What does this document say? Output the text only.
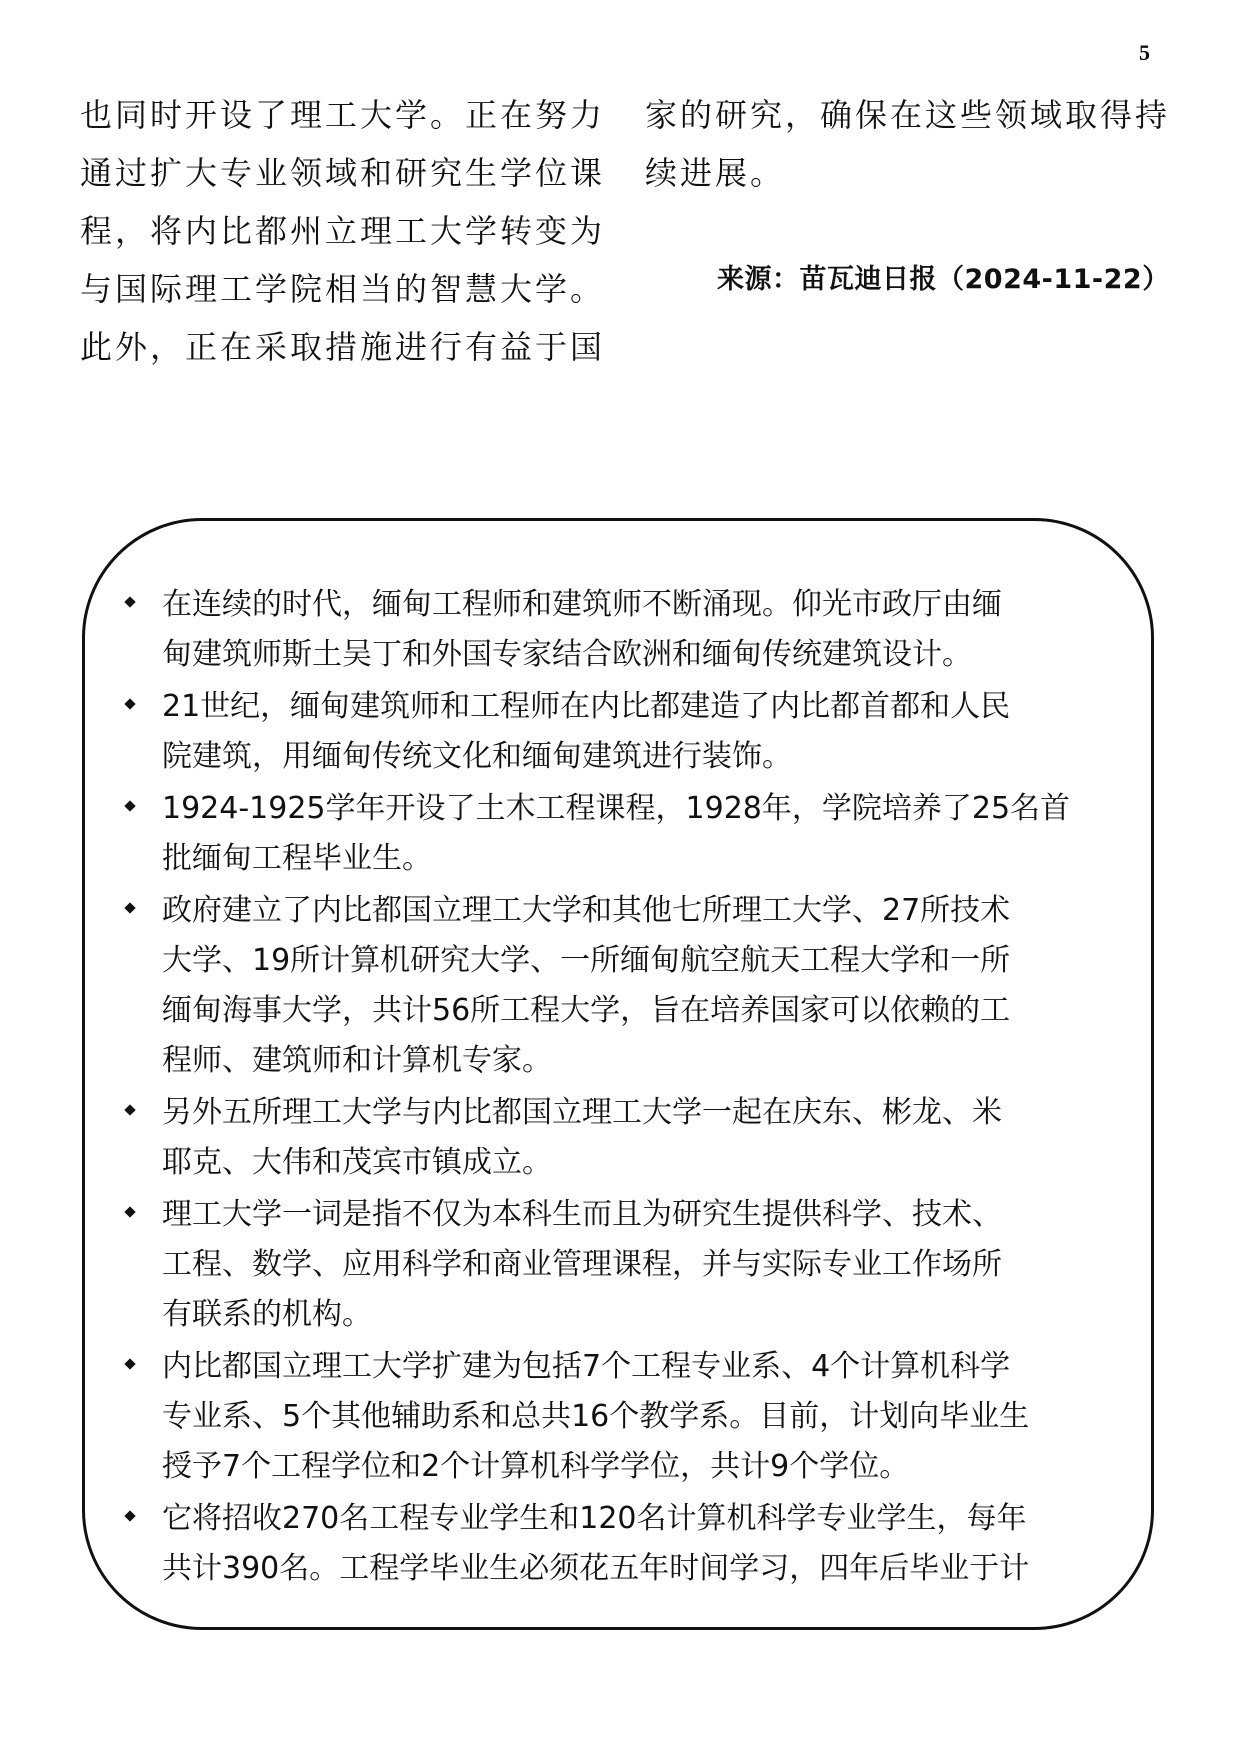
5
也同时开设了理工大学。正在努力
通过扩大专业领域和研究生学位课
程，将内比都州立理工大学转变为
与国际理工学院相当的智慧大学。
此外，正在采取措施进行有益于国
家的研究，确保在这些领域取得持
续进展。
来源：苗瓦迪日报（2024-11-22）
在连续的时代，缅甸工程师和建筑师不断涌现。仰光市政厅由缅
甸建筑师斯土吴丁和外国专家结合欧洲和缅甸传统建筑设计。
21世纪，缅甸建筑师和工程师在内比都建造了内比都首都和人民
院建筑，用缅甸传统文化和缅甸建筑进行装饰。
1924-1925学年开设了土木工程课程，1928年，学院培养了25名首
批缅甸工程毕业生。
政府建立了内比都国立理工大学和其他七所理工大学、27所技术
大学、19所计算机研究大学、一所缅甸航空航天工程大学和一所
缅甸海事大学，共计56所工程大学，旨在培养国家可以依赖的工
程师、建筑师和计算机专家。
另外五所理工大学与内比都国立理工大学一起在庆东、彬龙、米
耶克、大伟和茂宾市镇成立。
理工大学一词是指不仅为本科生而且为研究生提供科学、技术、
工程、数学、应用科学和商业管理课程，并与实际专业工作场所
有联系的机构。
内比都国立理工大学扩建为包括7个工程专业系、4个计算机科学
专业系、5个其他辅助系和总共16个教学系。目前，计划向毕业生
授予7个工程学位和2个计算机科学学位，共计9个学位。
它将招收270名工程专业学生和120名计算机科学专业学生，每年
共计390名。工程学毕业生必须花五年时间学习，四年后毕业于计
